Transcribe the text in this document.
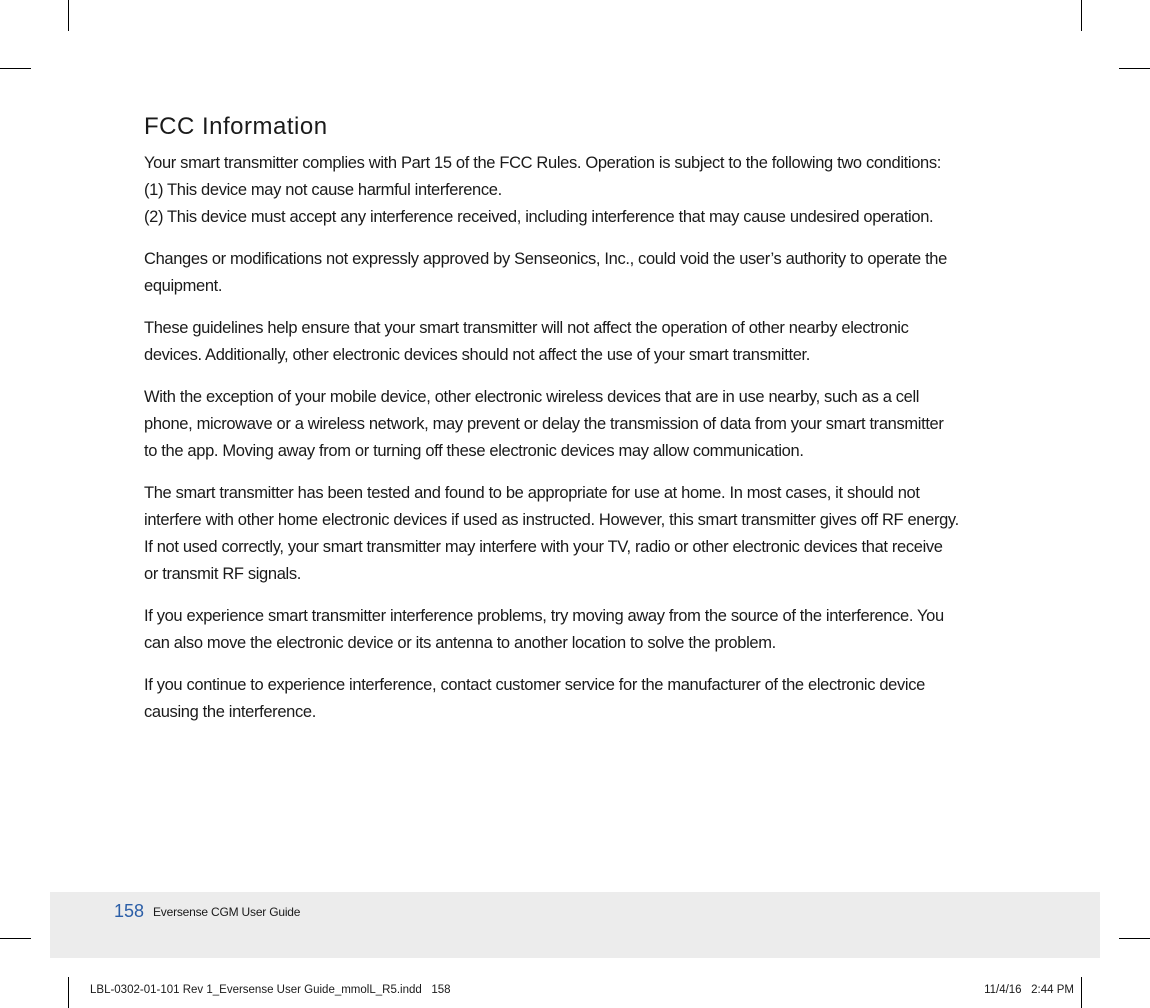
FCC Information

Your smart transmitter complies with Part 15 of the FCC Rules. Operation is subject to the following two conditions:
(1) This device may not cause harmful interference.
(2) This device must accept any interference received, including interference that may cause undesired operation.

Changes or modifications not expressly approved by Senseonics, Inc., could void the user’s authority to operate the
equipment.

These guidelines help ensure that your smart transmitter will not affect the operation of other nearby electronic
devices. Additionally, other electronic devices should not affect the use of your smart transmitter.

With the exception of your mobile device, other electronic wireless devices that are in use nearby, such as a cell
phone, microwave or a wireless network, may prevent or delay the transmission of data from your smart transmitter
to the app. Moving away from or turning off these electronic devices may allow communication.

The smart transmitter has been tested and found to be appropriate for use at home. In most cases, it should not
interfere with other home electronic devices if used as instructed. However, this smart transmitter gives off RF energy.
If not used correctly, your smart transmitter may interfere with your TV, radio or other electronic devices that receive
or transmit RF signals.

If you experience smart transmitter interference problems, try moving away from the source of the interference. You
can also move the electronic device or its antenna to another location to solve the problem.

If you continue to experience interference, contact customer service for the manufacturer of the electronic device
causing the interference.

158 Eversense CGM User Guide
LBL-0302-01-101 Rev 1_Eversense User Guide_mmolL_R5.indd   158	11/4/16   2:44 PM
